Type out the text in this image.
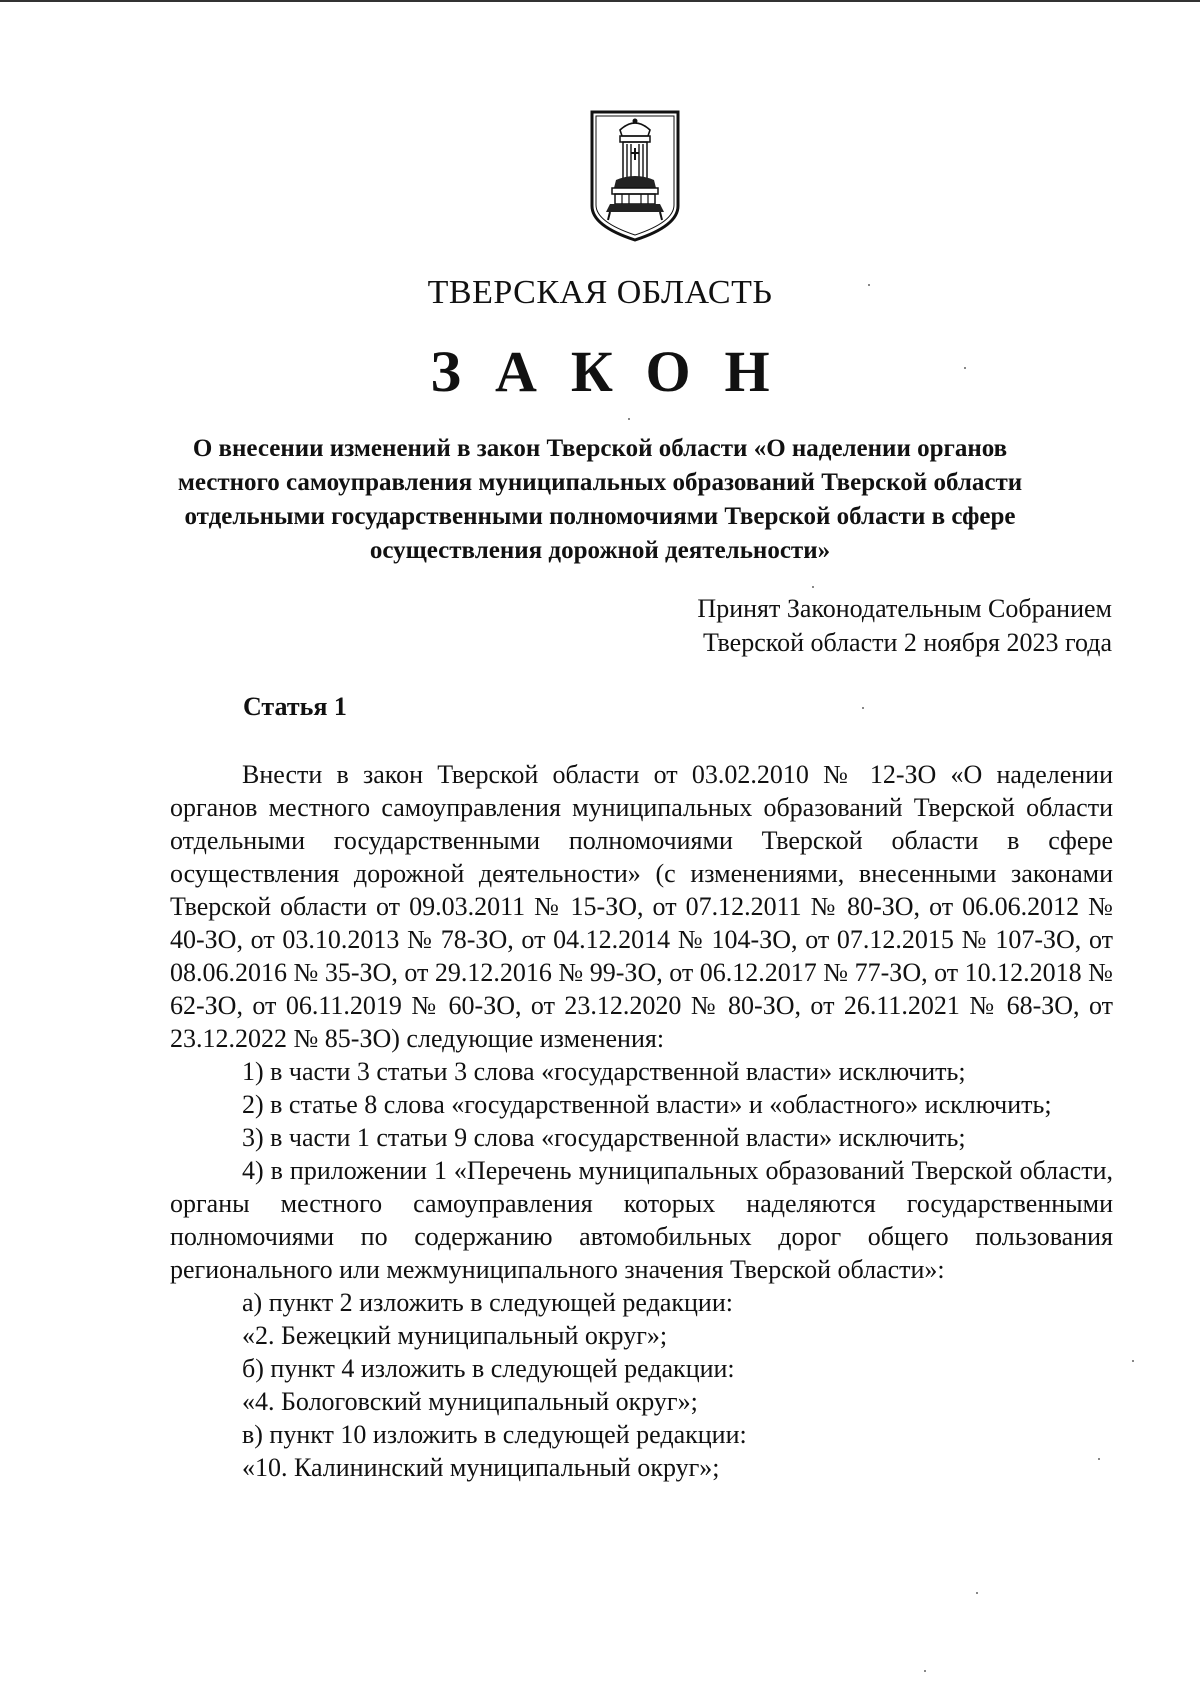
ТВЕРСКАЯ ОБЛАСТЬ
ЗАКОН
О внесении изменений в закон Тверской области «О наделении органов местного самоуправления муниципальных образований Тверской области отдельными государственными полномочиями Тверской области в сфере осуществления дорожной деятельности»
Принят Законодательным Собранием
Тверской области 2 ноября 2023 года
Статья 1

Внести в закон Тверской области от 03.02.2010 № 12-ЗО «О наделении органов местного самоуправления муниципальных образований Тверской области отдельными государственными полномочиями Тверской области в сфере осуществления дорожной деятельности» (с изменениями, внесенными законами Тверской области от 09.03.2011 № 15-ЗО, от 07.12.2011 № 80-ЗО, от 06.06.2012 № 40-ЗО, от 03.10.2013 № 78-ЗО, от 04.12.2014 № 104-ЗО, от 07.12.2015 № 107-ЗО, от 08.06.2016 № 35-ЗО, от 29.12.2016 № 99-ЗО, от 06.12.2017 № 77-ЗО, от 10.12.2018 № 62-ЗО, от 06.11.2019 № 60-ЗО, от 23.12.2020 № 80-ЗО, от 26.11.2021 № 68-ЗО, от 23.12.2022 № 85-ЗО) следующие изменения:

1) в части 3 статьи 3 слова «государственной власти» исключить;

2) в статье 8 слова «государственной власти» и «областного» исключить;

3) в части 1 статьи 9 слова «государственной власти» исключить;

4) в приложении 1 «Перечень муниципальных образований Тверской области, органы местного самоуправления которых наделяются государственными полномочиями по содержанию автомобильных дорог общего пользования регионального или межмуниципального значения Тверской области»:

а) пункт 2 изложить в следующей редакции:

«2. Бежецкий муниципальный округ»;

б) пункт 4 изложить в следующей редакции:

«4. Бологовский муниципальный округ»;

в) пункт 10 изложить в следующей редакции:

«10. Калининский муниципальный округ»;
